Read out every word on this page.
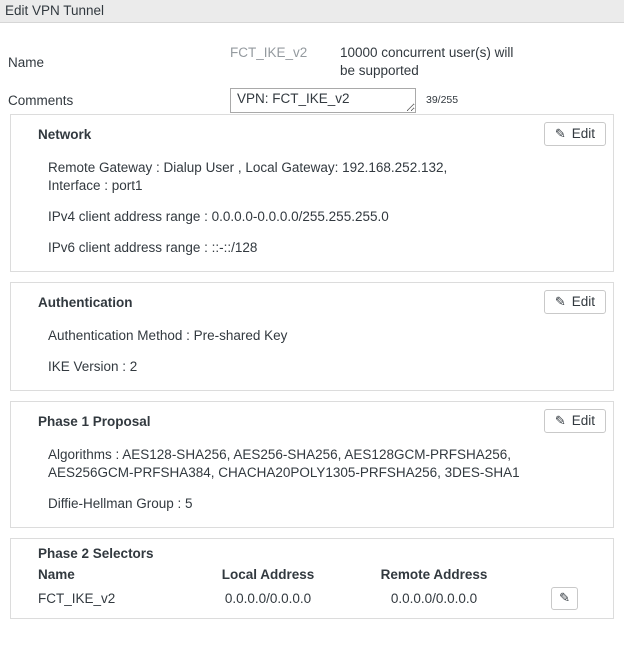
Edit VPN Tunnel
Name
FCT_IKE_v2	10000 concurrent user(s) will be supported
Comments
VPN: FCT_IKE_v2	39/255
Network	✎ Edit
Remote Gateway : Dialup User , Local Gateway: 192.168.252.132,
Interface : port1
IPv4 client address range : 0.0.0.0-0.0.0.0/255.255.255.0
IPv6 client address range : ::-::/128
Authentication	✎ Edit
Authentication Method : Pre-shared Key
IKE Version : 2
Phase 1 Proposal	✎ Edit
Algorithms : AES128-SHA256, AES256-SHA256, AES128GCM-PRFSHA256,
AES256GCM-PRFSHA384, CHACHA20POLY1305-PRFSHA256, 3DES-SHA1
Diffie-Hellman Group : 5
Phase 2 Selectors
Name	Local Address	Remote Address
FCT_IKE_v2	0.0.0.0/0.0.0.0	0.0.0.0/0.0.0.0	✎
